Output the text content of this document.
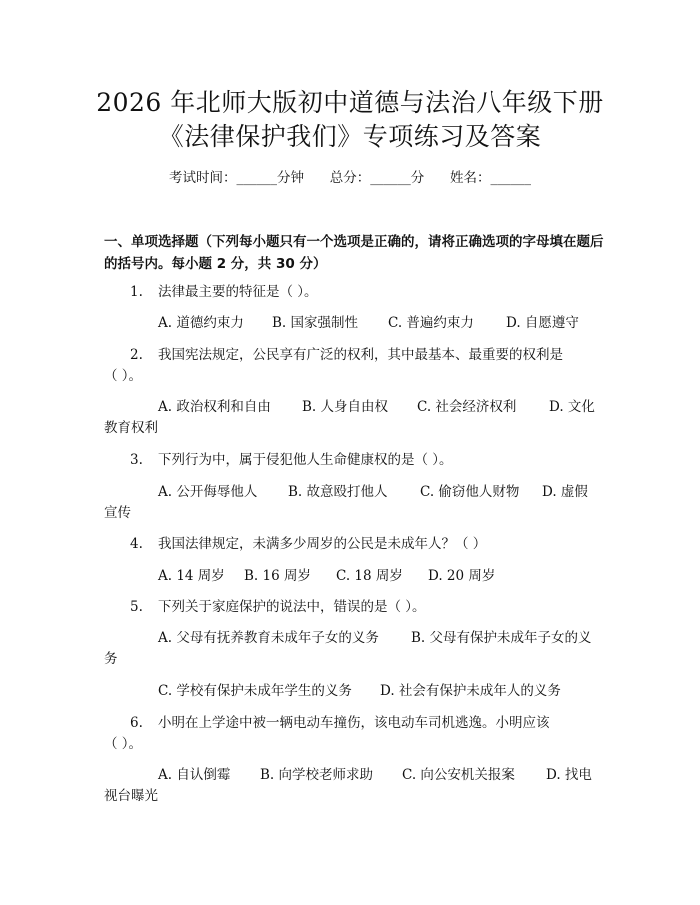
2026 年北师大版初中道德与法治八年级下册
《法律保护我们》专项练习及答案
考试时间：______分钟      总分：______分      姓名：______
一、单项选择题（下列每小题只有一个选项是正确的，请将正确选项的字母填在题后的括号内。每小题 2 分，共 30 分）
1. 法律最主要的特征是（ ）。
A. 道德约束力 B. 国家强制性 C. 普遍约束力 D. 自愿遵守
2. 我国宪法规定，公民享有广泛的权利，其中最基本、最重要的权利是
（ ）。
A. 政治权利和自由 B. 人身自由权 C. 社会经济权利 D. 文化
教育权利
3. 下列行为中，属于侵犯他人生命健康权的是（ ）。
A. 公开侮辱他人 B. 故意殴打他人 C. 偷窃他人财物 D. 虚假
宣传
4. 我国法律规定，未满多少周岁的公民是未成年人？（ ）
A. 14 周岁 B. 16 周岁 C. 18 周岁 D. 20 周岁
5. 下列关于家庭保护的说法中，错误的是（ ）。
A. 父母有抚养教育未成年子女的义务 B. 父母有保护未成年子女的义
务
C. 学校有保护未成年学生的义务 D. 社会有保护未成年人的义务
6. 小明在上学途中被一辆电动车撞伤，该电动车司机逃逸。小明应该
（ ）。
A. 自认倒霉 B. 向学校老师求助 C. 向公安机关报案 D. 找电
视台曝光
